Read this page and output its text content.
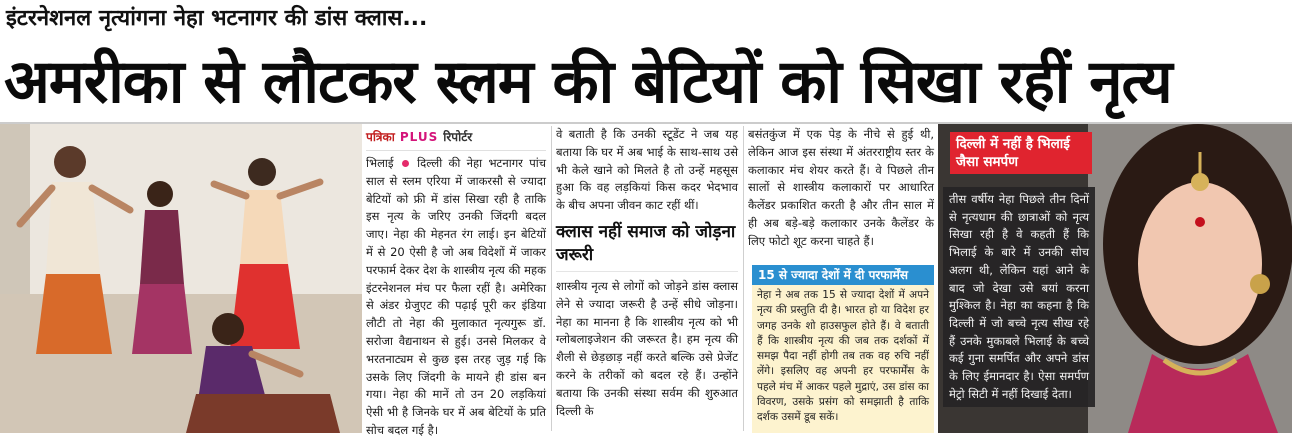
इंटरनेशनल नृत्यांगना नेहा भटनागर की डांस क्लास...
अमरीका से लौटकर स्लम की बेटियों को सिखा रहीं नृत्य
पत्रिका PLUS रिपोर्टर

भिलाई दिल्ली की नेहा भटनागर पांच साल से स्लम एरिया में जाकरसौ से ज्यादा बेटियों को फ्री में डांस सिखा रही है ताकि इस नृत्य के जरिए उनकी जिंदगी बदल जाए। नेहा की मेहनत रंग लाई। इन बेटियों में से 20 ऐसी है जो अब विदेशों में जाकर परफार्म देकर देश के शास्त्रीय नृत्य की महक इंटरनेशनल मंच पर फैला रहीं है। अमेरिका से अंडर ग्रेजुएट की पढ़ाई पूरी कर इंडिया लौटी तो नेहा की मुलाकात नृत्यगुरू डॉ. सरोजा वैद्यनाथन से हुई। उनसे मिलकर वे भरतनाट्यम से कुछ इस तरह जुड़ गई कि उसके लिए जिंदगी के मायने ही डांस बन गया। नेहा की मानें तो उन 20 लड़कियां ऐसी भी है जिनके घर में अब बेटियों के प्रति सोच बदल गई है।

वे बताती है कि उनकी स्टूडेंट ने जब यह बताया कि घर में अब भाई के साथ-साथ उसे भी केले खाने को मिलते है तो उन्हें महसूस हुआ कि वह लड़कियां किस कदर भेदभाव के बीच अपना जीवन काट रहीं थीं।

क्लास नहीं समाज को जोड़ना जरूरी

शास्त्रीय नृत्य से लोगों को जोड़ने डांस क्लास लेने से ज्यादा जरूरी है उन्हें सीधे जोड़ना। नेहा का मानना है कि शास्त्रीय नृत्य को भी ग्लोबलाइजेशन की जरूरत है। हम नृत्य की शैली से छेड़छाड़ नहीं करते बल्कि उसे प्रेजेंट करने के तरीकों को बदल रहे हैं। उन्होंने बताया कि उनकी संस्था सर्वम की शुरुआत दिल्ली के

बसंतकुंज में एक पेड़ के नीचे से हुई थी, लेकिन आज इस संस्था में अंतरराष्ट्रीय स्तर के कलाकार मंच शेयर करते हैं। वे पिछले तीन सालों से शास्त्रीय कलाकारों पर आधारित कैलेंडर प्रकाशित करती है और तीन साल में ही अब बड़े-बड़े कलाकार उनके कैलेंडर के लिए फोटो शूट करना चाहते हैं।

15 से ज्यादा देशों में दी परफार्मेंस
नेहा ने अब तक 15 से ज्यादा देशों में अपने नृत्य की प्रस्तुति दी है। भारत हो या विदेश हर जगह उनके शो हाउसफुल होते हैं। वे बताती हैं कि शास्त्रीय नृत्य की जब तक दर्शकों में समझ पैदा नहीं होगी तब तक वह रुचि नहीं लेंगे। इसलिए वह अपनी हर परफार्मेंस के पहले मंच में आकर पहले मुद्राएं, उस डांस का विवरण, उसके प्रसंग को समझाती है ताकि दर्शक उसमें डूब सकें।
दिल्ली में नहीं है भिलाई जैसा समर्पण
तीस वर्षीय नेहा पिछले तीन दिनों से नृत्यधाम की छात्राओं को नृत्य सिखा रही है वे कहती हैं कि भिलाई के बारे में उनकी सोच अलग थी, लेकिन यहां आने के बाद जो देखा उसे बयां करना मुश्किल है। नेहा का कहना है कि दिल्ली में जो बच्चे नृत्य सीख रहे हैं उनके मुकाबले भिलाई के बच्चे कई गुना समर्पित और अपने डांस के लिए ईमानदार है। ऐसा समर्पण मेट्रो सिटी में नहीं दिखाई देता।
